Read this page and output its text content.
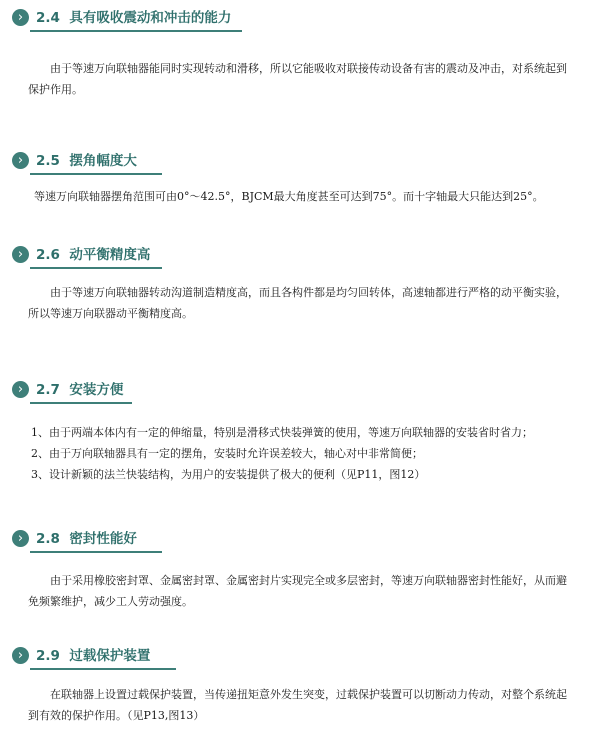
› 2.4 具有吸收震动和冲击的能力

由于等速万向联轴器能同时实现转动和滑移，所以它能吸收对联接传动设备有害的震动及冲击，对系统起到保护作用。

› 2.5 摆角幅度大

等速万向联轴器摆角范围可由0°～42.5°，BJCM最大角度甚至可达到75°。而十字轴最大只能达到25°。

› 2.6 动平衡精度高

由于等速万向联轴器转动沟道制造精度高，而且各构件都是均匀回转体，高速轴都进行严格的动平衡实验，所以等速万向联器动平衡精度高。

› 2.7 安装方便
1、由于两端本体内有一定的伸缩量，特别是滑移式快装弹簧的使用，等速万向联轴器的安装省时省力；
2、由于万向联轴器具有一定的摆角，安装时允许误差较大，轴心对中非常简便；
3、设计新颖的法兰快装结构，为用户的安装提供了极大的便利（见P11，图12）
› 2.8 密封性能好

由于采用橡胶密封罩、金属密封罩、金属密封片实现完全或多层密封，等速万向联轴器密封性能好，从而避免频繁维护，减少工人劳动强度。

› 2.9 过载保护装置

在联轴器上设置过载保护装置，当传递扭矩意外发生突变，过载保护装置可以切断动力传动，对整个系统起到有效的保护作用。（见P13,图13）
